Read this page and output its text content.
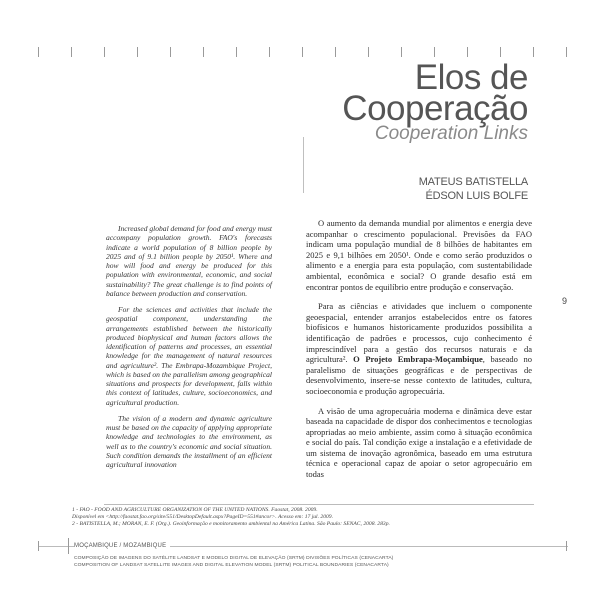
Elos de
Cooperação
Cooperation Links
MATEUS BATISTELLA
ÉDSON LUIS BOLFE

Increased global demand for food and energy must accompany population growth. FAO's forecasts indicate a world population of 8 billion people by 2025 and of 9.1 billion people by 2050¹. Where and how will food and energy be produced for this population with environmental, economic, and social sustainability? The great challenge is to find points of balance between production and conservation.

For the sciences and activities that include the geospatial component, understanding the arrangements established between the historically produced biophysical and human factors allows the identification of patterns and processes, an essential knowledge for the management of natural resources and agriculture². The Embrapa-Mozambique Project, which is based on the parallelism among geographical situations and prospects for development, falls within this context of latitudes, culture, socioeconomics, and agricultural production.

The vision of a modern and dynamic agriculture must be based on the capacity of applying appropriate knowledge and technologies to the environment, as well as to the country's economic and social situation. Such condition demands the installment of an efficient agricultural innovation

O aumento da demanda mundial por alimentos e energia deve acompanhar o crescimento populacional. Previsões da FAO indicam uma população mundial de 8 bilhões de habitantes em 2025 e 9,1 bilhões em 2050¹. Onde e como serão produzidos o alimento e a energia para esta população, com sustentabilidade ambiental, econômica e social? O grande desafio está em encontrar pontos de equilíbrio entre produção e conservação.

Para as ciências e atividades que incluem o componente geoespacial, entender arranjos estabelecidos entre os fatores biofísicos e humanos historicamente produzidos possibilita a identificação de padrões e processos, cujo conhecimento é imprescindível para a gestão dos recursos naturais e da agricultura². O Projeto Embrapa-Moçambique, baseado no paralelismo de situações geográficas e de perspectivas de desenvolvimento, insere-se nesse contexto de latitudes, cultura, socioeconomia e produção agropecuária.

A visão de uma agropecuária moderna e dinâmica deve estar baseada na capacidade de dispor dos conhecimentos e tecnologias apropriadas ao meio ambiente, assim como à situação econômica e social do país. Tal condição exige a instalação e a efetividade de um sistema de inovação agronômica, baseado em uma estrutura técnica e operacional capaz de apoiar o setor agropecuário em todas

9
1 - FAO - FOOD AND AGRICULTURE ORGANIZATION OF THE UNITED NATIONS. Faostat, 2008. 2009.
Disponível em <http://faostat.fao.org/site/551/DesktopDefault.aspx?PageID=551#ancor>. Acesso em: 17 jul. 2009.
2 - BATISTELLA, M.; MORAN, E. F. (Org.). Geoinformação e monitoramento ambiental na América Latina. São Paulo: SENAC, 2008. 283p.
MOÇAMBIQUE / MOZAMBIQUE
COMPOSIÇÃO DE IMAGENS DO SATÉLITE LANDSAT E MODELO DIGITAL DE ELEVAÇÃO (SRTM) DIVISÕES POLÍTICAS (CENACARTA)
COMPOSITION OF LANDSAT SATELLITE IMAGES AND DIGITAL ELEVATION MODEL (SRTM) POLITICAL BOUNDARIES (CENACARTA)
